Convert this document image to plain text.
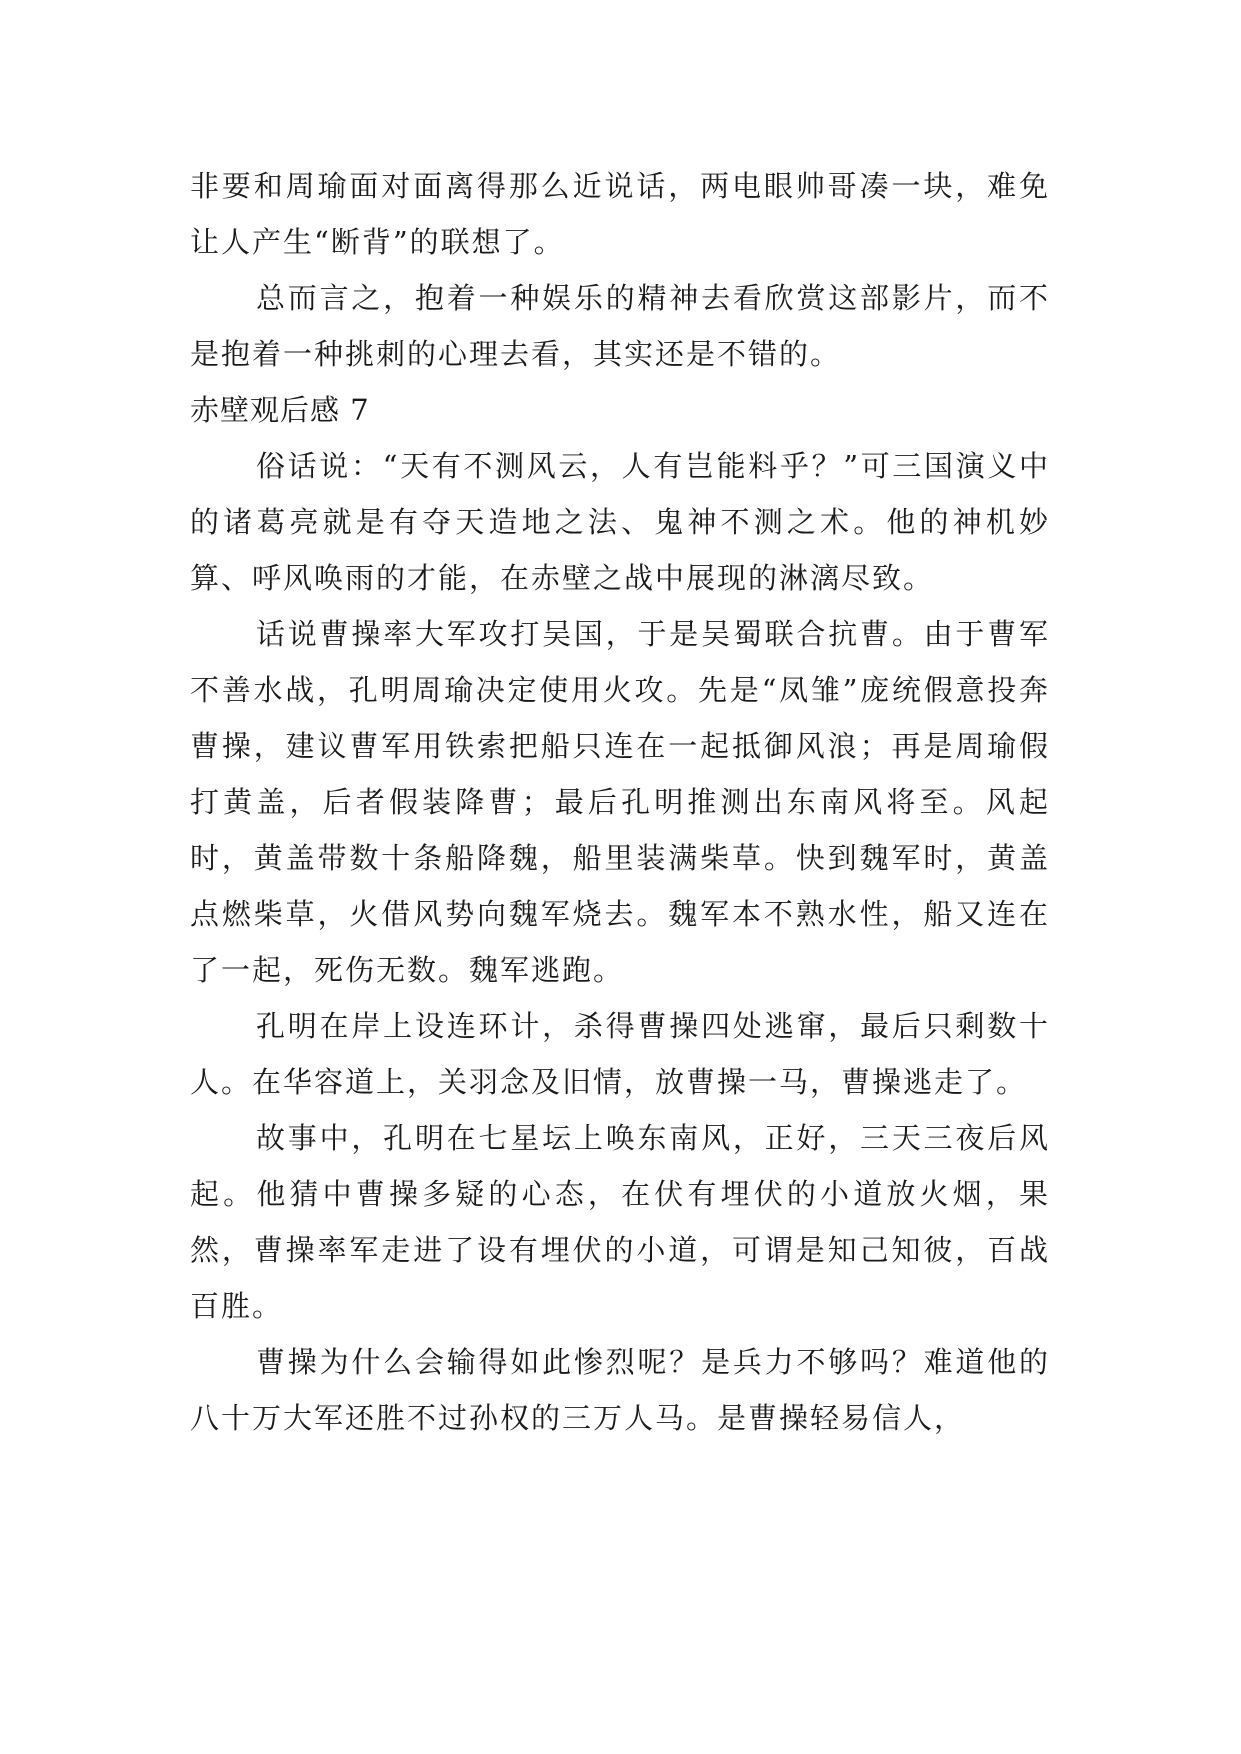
非要和周瑜面对面离得那么近说话，两电眼帅哥凑一块，难免让人产生“断背”的联想了。

总而言之，抱着一种娱乐的精神去看欣赏这部影片，而不是抱着一种挑刺的心理去看，其实还是不错的。

赤壁观后感 7

俗话说：“天有不测风云，人有岂能料乎？”可三国演义中的诸葛亮就是有夺天造地之法、鬼神不测之术。他的神机妙算、呼风唤雨的才能，在赤壁之战中展现的淋漓尽致。

话说曹操率大军攻打吴国，于是吴蜀联合抗曹。由于曹军不善水战，孔明周瑜决定使用火攻。先是“凤雏”庞统假意投奔曹操，建议曹军用铁索把船只连在一起抵御风浪；再是周瑜假打黄盖，后者假装降曹；最后孔明推测出东南风将至。风起时，黄盖带数十条船降魏，船里装满柴草。快到魏军时，黄盖点燃柴草，火借风势向魏军烧去。魏军本不熟水性，船又连在了一起，死伤无数。魏军逃跑。

孔明在岸上设连环计，杀得曹操四处逃窜，最后只剩数十人。在华容道上，关羽念及旧情，放曹操一马，曹操逃走了。

故事中，孔明在七星坛上唤东南风，正好，三天三夜后风起。他猜中曹操多疑的心态，在伏有埋伏的小道放火烟，果然，曹操率军走进了设有埋伏的小道，可谓是知己知彼，百战百胜。

曹操为什么会输得如此惨烈呢？是兵力不够吗？难道他的八十万大军还胜不过孙权的三万人马。是曹操轻易信人，
